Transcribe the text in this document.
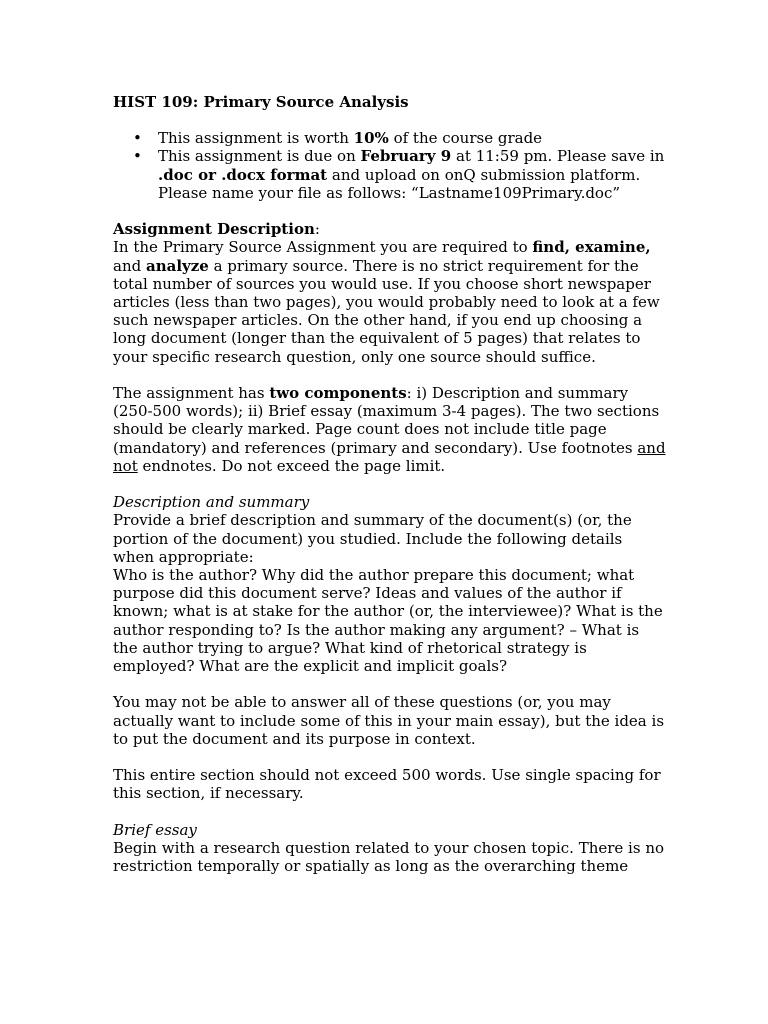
HIST 109: Primary Source Analysis

• This assignment is worth 10% of the course grade
• This assignment is due on February 9 at 11:59 pm. Please save in .doc or .docx format and upload on onQ submission platform. Please name your file as follows: “Lastname109Primary.doc”

Assignment Description:

In the Primary Source Assignment you are required to find, examine, and analyze a primary source. There is no strict requirement for the total number of sources you would use. If you choose short newspaper articles (less than two pages), you would probably need to look at a few such newspaper articles. On the other hand, if you end up choosing a long document (longer than the equivalent of 5 pages) that relates to your specific research question, only one source should suffice.

The assignment has two components: i) Description and summary (250-500 words); ii) Brief essay (maximum 3-4 pages). The two sections should be clearly marked. Page count does not include title page (mandatory) and references (primary and secondary). Use footnotes and not endnotes. Do not exceed the page limit.

Description and summary

Provide a brief description and summary of the document(s) (or, the portion of the document) you studied. Include the following details when appropriate:

Who is the author? Why did the author prepare this document; what purpose did this document serve? Ideas and values of the author if known; what is at stake for the author (or, the interviewee)? What is the author responding to? Is the author making any argument? – What is the author trying to argue? What kind of rhetorical strategy is employed? What are the explicit and implicit goals?

You may not be able to answer all of these questions (or, you may actually want to include some of this in your main essay), but the idea is to put the document and its purpose in context.

This entire section should not exceed 500 words. Use single spacing for this section, if necessary.

Brief essay

Begin with a research question related to your chosen topic. There is no restriction temporally or spatially as long as the overarching theme
